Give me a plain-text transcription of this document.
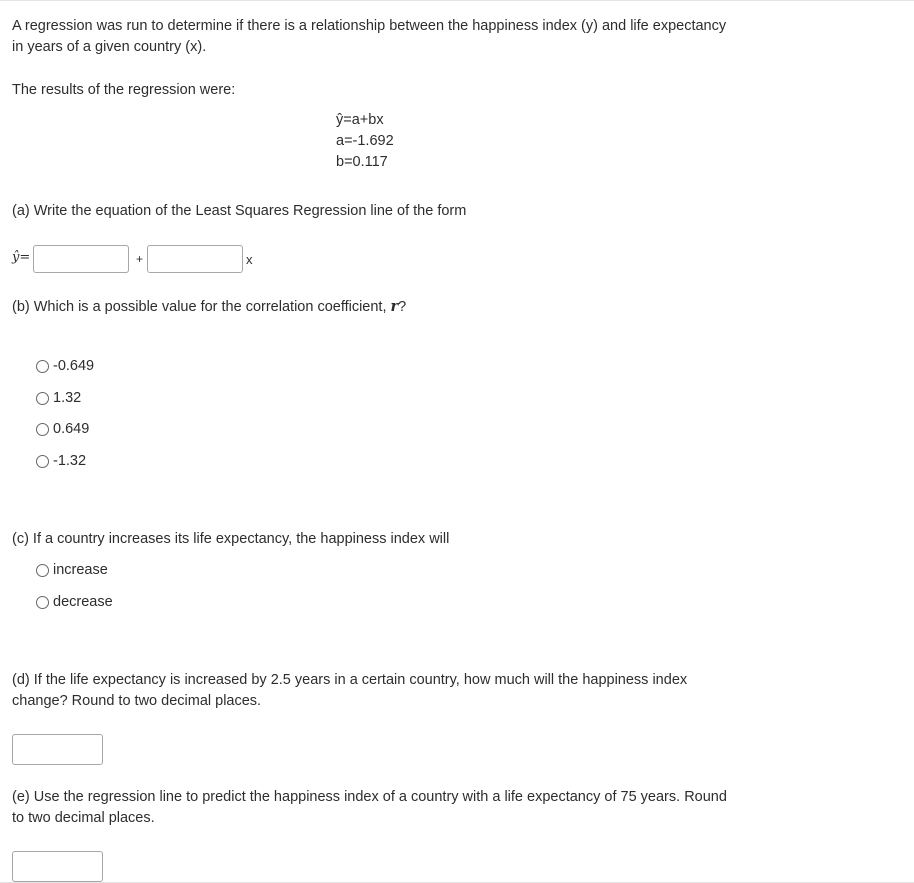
A regression was run to determine if there is a relationship between the happiness index (y) and life expectancy in years of a given country (x).

The results of the regression were:

ŷ=a+bx
a=-1.692
b=0.117

(a) Write the equation of the Least Squares Regression line of the form

ŷ=	+	x

(b) Which is a possible value for the correlation coefficient, r?

-0.649
1.32
0.649
-1.32

(c) If a country increases its life expectancy, the happiness index will

increase
decrease

(d) If the life expectancy is increased by 2.5 years in a certain country, how much will the happiness index change? Round to two decimal places.

(e) Use the regression line to predict the happiness index of a country with a life expectancy of 75 years. Round to two decimal places.
